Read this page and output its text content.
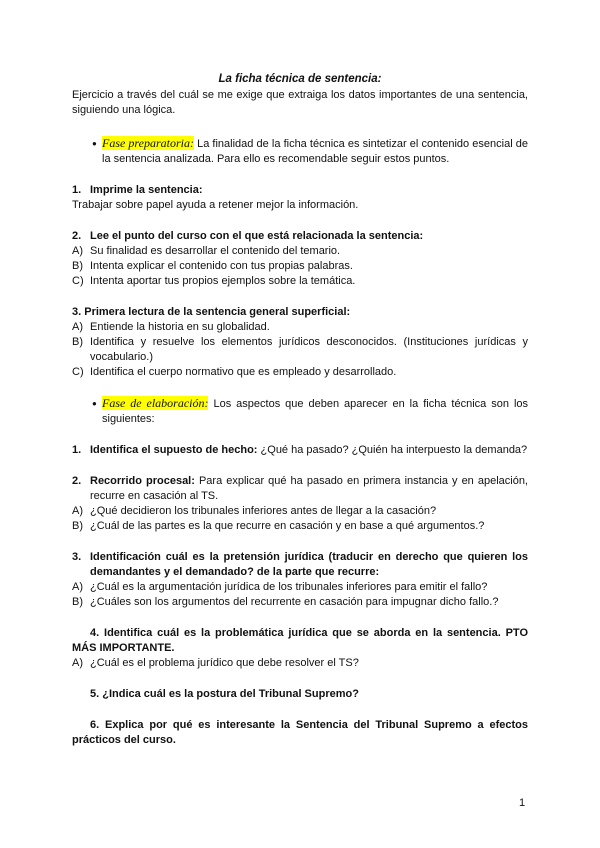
La ficha técnica de sentencia:

Ejercicio a través del cuál se me exige que extraiga los datos importantes de una sentencia, siguiendo una lógica.

● Fase preparatoria: La finalidad de la ficha técnica es sintetizar el contenido esencial de la sentencia analizada. Para ello es recomendable seguir estos puntos.
1. Imprime la sentencia:

Trabajar sobre papel ayuda a retener mejor la información.

2. Lee el punto del curso con el que está relacionada la sentencia:
A) Su finalidad es desarrollar el contenido del temario.
B) Intenta explicar el contenido con tus propias palabras.
C) Intenta aportar tus propios ejemplos sobre la temática.

3. Primera lectura de la sentencia general superficial:

A) Entiende la historia en su globalidad.
B) Identifica y resuelve los elementos jurídicos desconocidos. (Instituciones jurídicas y vocabulario.)
C) Identifica el cuerpo normativo que es empleado y desarrollado.
● Fase de elaboración: Los aspectos que deben aparecer en la ficha técnica son los siguientes:
1. Identifica el supuesto de hecho: ¿Qué ha pasado? ¿Quién ha interpuesto la demanda?
2. Recorrido procesal: Para explicar qué ha pasado en primera instancia y en apelación, recurre en casación al TS.
A) ¿Qué decidieron los tribunales inferiores antes de llegar a la casación?
B) ¿Cuál de las partes es la que recurre en casación y en base a qué argumentos.?
3. Identificación cuál es la pretensión jurídica (traducir en derecho que quieren los demandantes y el demandado? de la parte que recurre:
A) ¿Cuál es la argumentación jurídica de los tribunales inferiores para emitir el fallo?
B) ¿Cuáles son los argumentos del recurrente en casación para impugnar dicho fallo.?

4. Identifica cuál es la problemática jurídica que se aborda en la sentencia. PTO MÁS IMPORTANTE.

A) ¿Cuál es el problema jurídico que debe resolver el TS?

5. ¿Indica cuál es la postura del Tribunal Supremo?

6. Explica por qué es interesante la Sentencia del Tribunal Supremo a efectos prácticos del curso.

1
